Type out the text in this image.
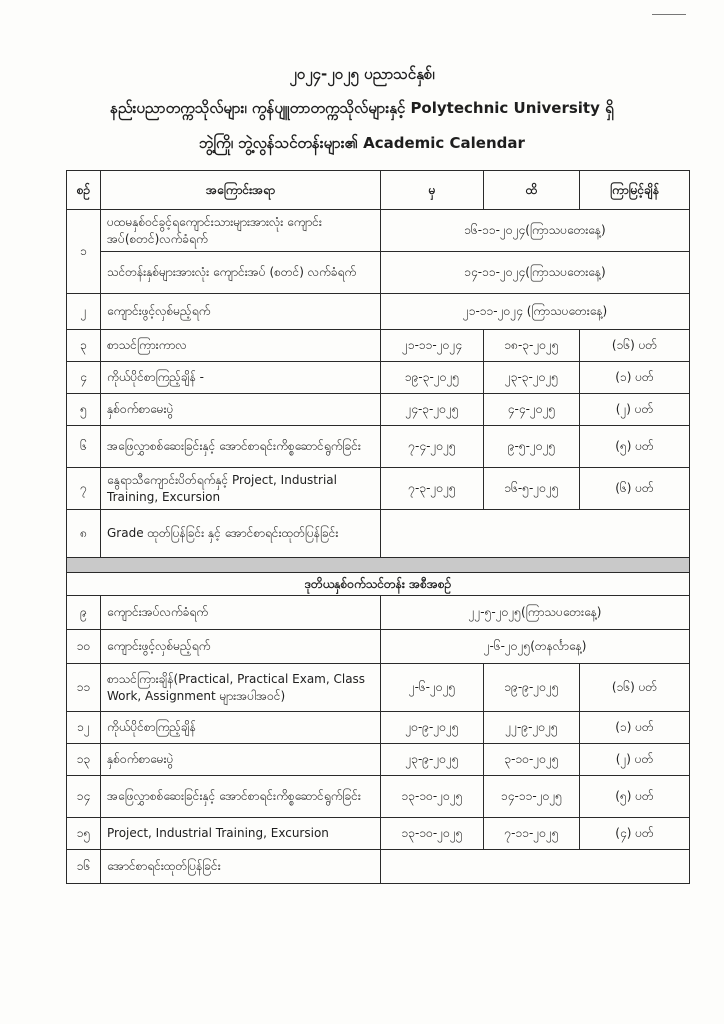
၂၀၂၄-၂၀၂၅ ပညာသင်နှစ်၊
နည်းပညာတက္ကသိုလ်များ၊ ကွန်ပျူတာတက္ကသိုလ်များနှင့် Polytechnic University ရှိ
ဘွဲ့ကြို၊ ဘွဲ့လွန်သင်တန်းများ၏ Academic Calendar
စဉ်	အကြောင်းအရာ	မှ	ထိ	ကြာမြင့်ချိန်
၁	ပထမနှစ်ဝင်ခွင့်ရကျောင်းသားများအားလုံး ကျောင်းအပ်(စတင်)လက်ခံရက်	၁၆-၁၁-၂၀၂၄(ကြာသပတေးနေ့)		
	သင်တန်းနှစ်များအားလုံး ကျောင်းအပ် (စတင်) လက်ခံရက်	၁၄-၁၁-၂၀၂၄(ကြာသပတေးနေ့)		
၂	ကျောင်းဖွင့်လှစ်မည့်ရက်	၂၁-၁၁-၂၀၂၄ (ကြာသပတေးနေ့)		
၃	စာသင်ကြားကာလ	၂၁-၁၁-၂၀၂၄	၁၈-၃-၂၀၂၅	(၁၆) ပတ်
၄	ကိုယ်ပိုင်စာကြည့်ချိန် -	၁၉-၃-၂၀၂၅	၂၃-၃-၂၀၂၅	(၁) ပတ်
၅	နှစ်ဝက်စာမေးပွဲ	၂၄-၃-၂၀၂၅	၄-၄-၂၀၂၅	(၂) ပတ်
၆	အဖြေလွှာစစ်ဆေးခြင်းနှင့် အောင်စာရင်းကိစ္စဆောင်ရွက်ခြင်း	၇-၄-၂၀၂၅	၉-၅-၂၀၂၅	(၅) ပတ်
၇	နွေရာသီကျောင်းပိတ်ရက်နှင့် Project, Industrial Training, Excursion	၇-၃-၂၀၂၅	၁၆-၅-၂၀၂၅	(၆) ပတ်
၈	Grade ထုတ်ပြန်ခြင်း နှင့် အောင်စာရင်းထုတ်ပြန်ခြင်း			

ဒုတိယနှစ်ဝက်သင်တန်း အစီအစဉ်				
၉	ကျောင်းအပ်လက်ခံရက်	၂၂-၅-၂၀၂၅(ကြာသပတေးနေ့)		
၁၀	ကျောင်းဖွင့်လှစ်မည့်ရက်	၂-၆-၂၀၂၅(တနင်္လာနေ့)		
၁၁	စာသင်ကြားချိန်(Practical, Practical Exam, Class Work, Assignment များအပါအဝင်)	၂-၆-၂၀၂၅	၁၉-၉-၂၀၂၅	(၁၆) ပတ်
၁၂	ကိုယ်ပိုင်စာကြည့်ချိန်	၂၀-၉-၂၀၂၅	၂၂-၉-၂၀၂၅	(၁) ပတ်
၁၃	နှစ်ဝက်စာမေးပွဲ	၂၃-၉-၂၀၂၅	၃-၁၀-၂၀၂၅	(၂) ပတ်
၁၄	အဖြေလွှာစစ်ဆေးခြင်းနှင့် အောင်စာရင်းကိစ္စဆောင်ရွက်ခြင်း	၁၃-၁၀-၂၀၂၅	၁၄-၁၁-၂၀၂၅	(၅) ပတ်
၁၅	Project, Industrial Training, Excursion	၁၃-၁၀-၂၀၂၅	၇-၁၁-၂၀၂၅	(၄) ပတ်
၁၆	အောင်စာရင်းထုတ်ပြန်ခြင်း			
